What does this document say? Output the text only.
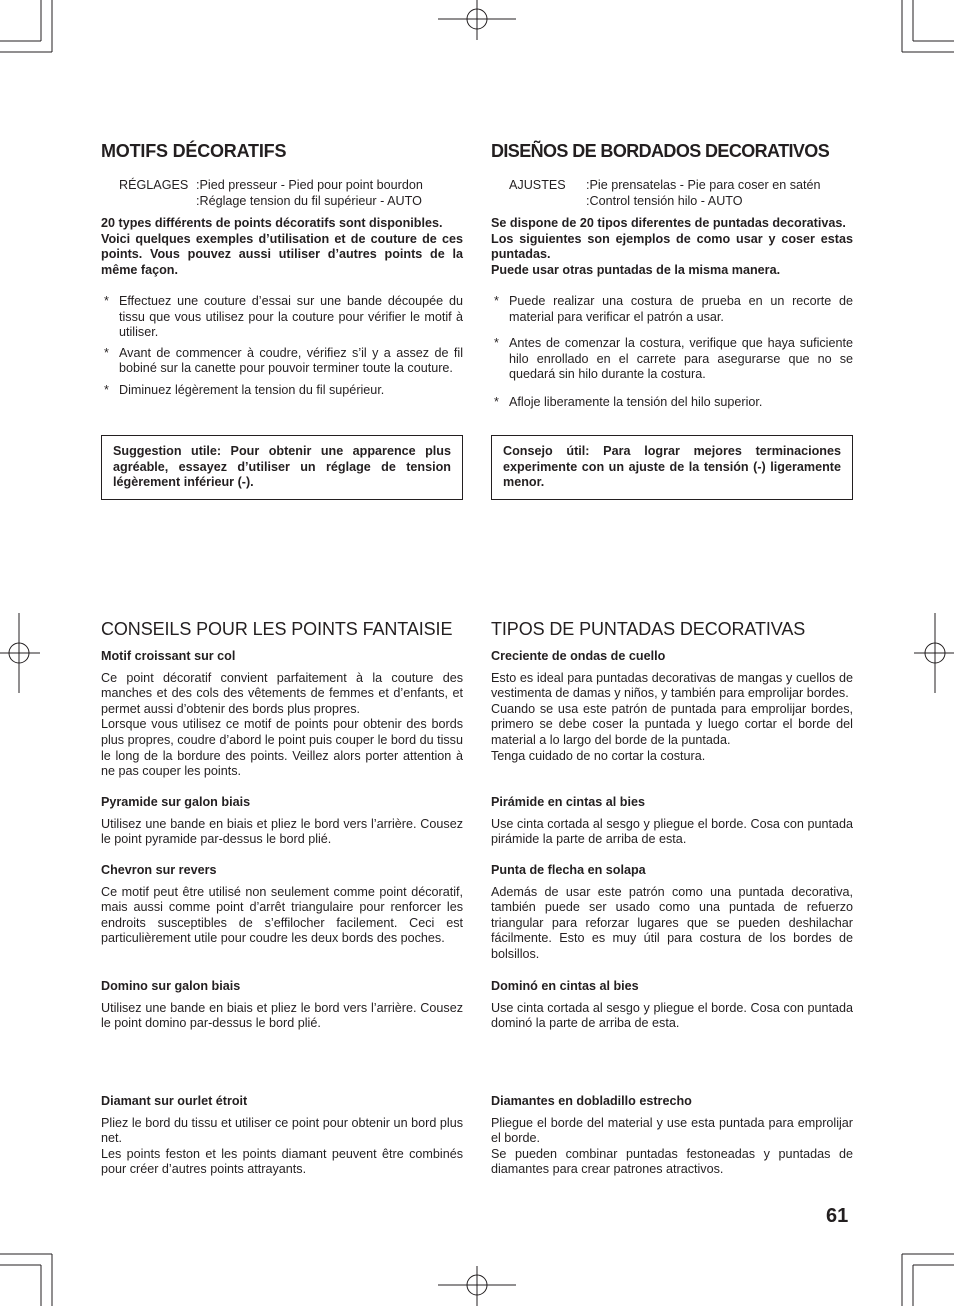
MOTIFS DÉCORATIFS
RÉGLAGES :Pied presseur - Pied pour point bourdon
:Réglage tension du fil supérieur - AUTO

20 types différents de points décoratifs sont disponibles.

Voici quelques exemples d’utilisation et de couture de ces points. Vous pouvez aussi utiliser d’autres points de la même façon.

* Effectuez une couture d’essai sur une bande découpée du tissu que vous utilisez pour la couture pour vérifier le motif à utiliser.
* Avant de commencer à coudre, vérifiez s’il y a assez de fil bobiné sur la canette pour pouvoir terminer toute la couture.
* Diminuez légèrement la tension du fil supérieur.
Suggestion utile: Pour obtenir une apparence plus agréable, essayez d’utiliser un réglage de tension légèrement inférieur (-).
CONSEILS POUR LES POINTS FANTAISIE

Motif croissant sur col

Ce point décoratif convient parfaitement à la couture des manches et des cols des vêtements de femmes et d’enfants, et permet aussi d’obtenir des bords plus propres.

Lorsque vous utilisez ce motif de points pour obtenir des bords plus propres, coudre d’abord le point puis couper le bord du tissu le long de la bordure des points. Veillez alors porter attention à ne pas couper les points.

Pyramide sur galon biais

Utilisez une bande en biais et pliez le bord vers l’arrière. Cousez le point pyramide par-dessus le bord plié.

Chevron sur revers

Ce motif peut être utilisé non seulement comme point décoratif, mais aussi comme point d’arrêt triangulaire pour renforcer les endroits susceptibles de s’effilocher facilement. Ceci est particulièrement utile pour coudre les deux bords des poches.

Domino sur galon biais

Utilisez une bande en biais et pliez le bord vers l’arrière. Cousez le point domino par-dessus le bord plié.

Diamant sur ourlet étroit

Pliez le bord du tissu et utiliser ce point pour obtenir un bord plus net.

Les points feston et les points diamant peuvent être combinés pour créer d’autres points attrayants.

DISEÑOS DE BORDADOS DECORATIVOS
AJUSTES :Pie prensatelas - Pie para coser en satén
:Control tensión hilo - AUTO

Se dispone de 20 tipos diferentes de puntadas decorativas.

Los siguientes son ejemplos de como usar y coser estas puntadas.

Puede usar otras puntadas de la misma manera.

* Puede realizar una costura de prueba en un recorte de material para verificar el patrón a usar.
* Antes de comenzar la costura, verifique que haya suficiente hilo enrollado en el carrete para asegurarse que no se quedará sin hilo durante la costura.
* Afloje liberamente la tensión del hilo superior.
Consejo útil: Para lograr mejores terminaciones experimente con un ajuste de la tensión (-) ligeramente menor.
TIPOS DE PUNTADAS DECORATIVAS

Creciente de ondas de cuello

Esto es ideal para puntadas decorativas de mangas y cuellos de vestimenta de damas y niños, y también para emprolijar bordes.

Cuando se usa este patrón de puntada para emprolijar bordes, primero se debe coser la puntada y luego cortar el borde del material a lo largo del borde de la puntada.

Tenga cuidado de no cortar la costura.

Pirámide en cintas al bies

Use cinta cortada al sesgo y pliegue el borde. Cosa con puntada pirámide la parte de arriba de esta.

Punta de flecha en solapa

Además de usar este patrón como una puntada decorativa, también puede ser usado como una puntada de refuerzo triangular para reforzar lugares que se pueden deshilachar fácilmente. Esto es muy útil para costura de los bordes de bolsillos.

Dominó en cintas al bies

Use cinta cortada al sesgo y pliegue el borde. Cosa con puntada dominó la parte de arriba de esta.

Diamantes en dobladillo estrecho

Pliegue el borde del material y use esta puntada para emprolijar el borde.

Se pueden combinar puntadas festoneadas y puntadas de diamantes para crear patrones atractivos.

61
